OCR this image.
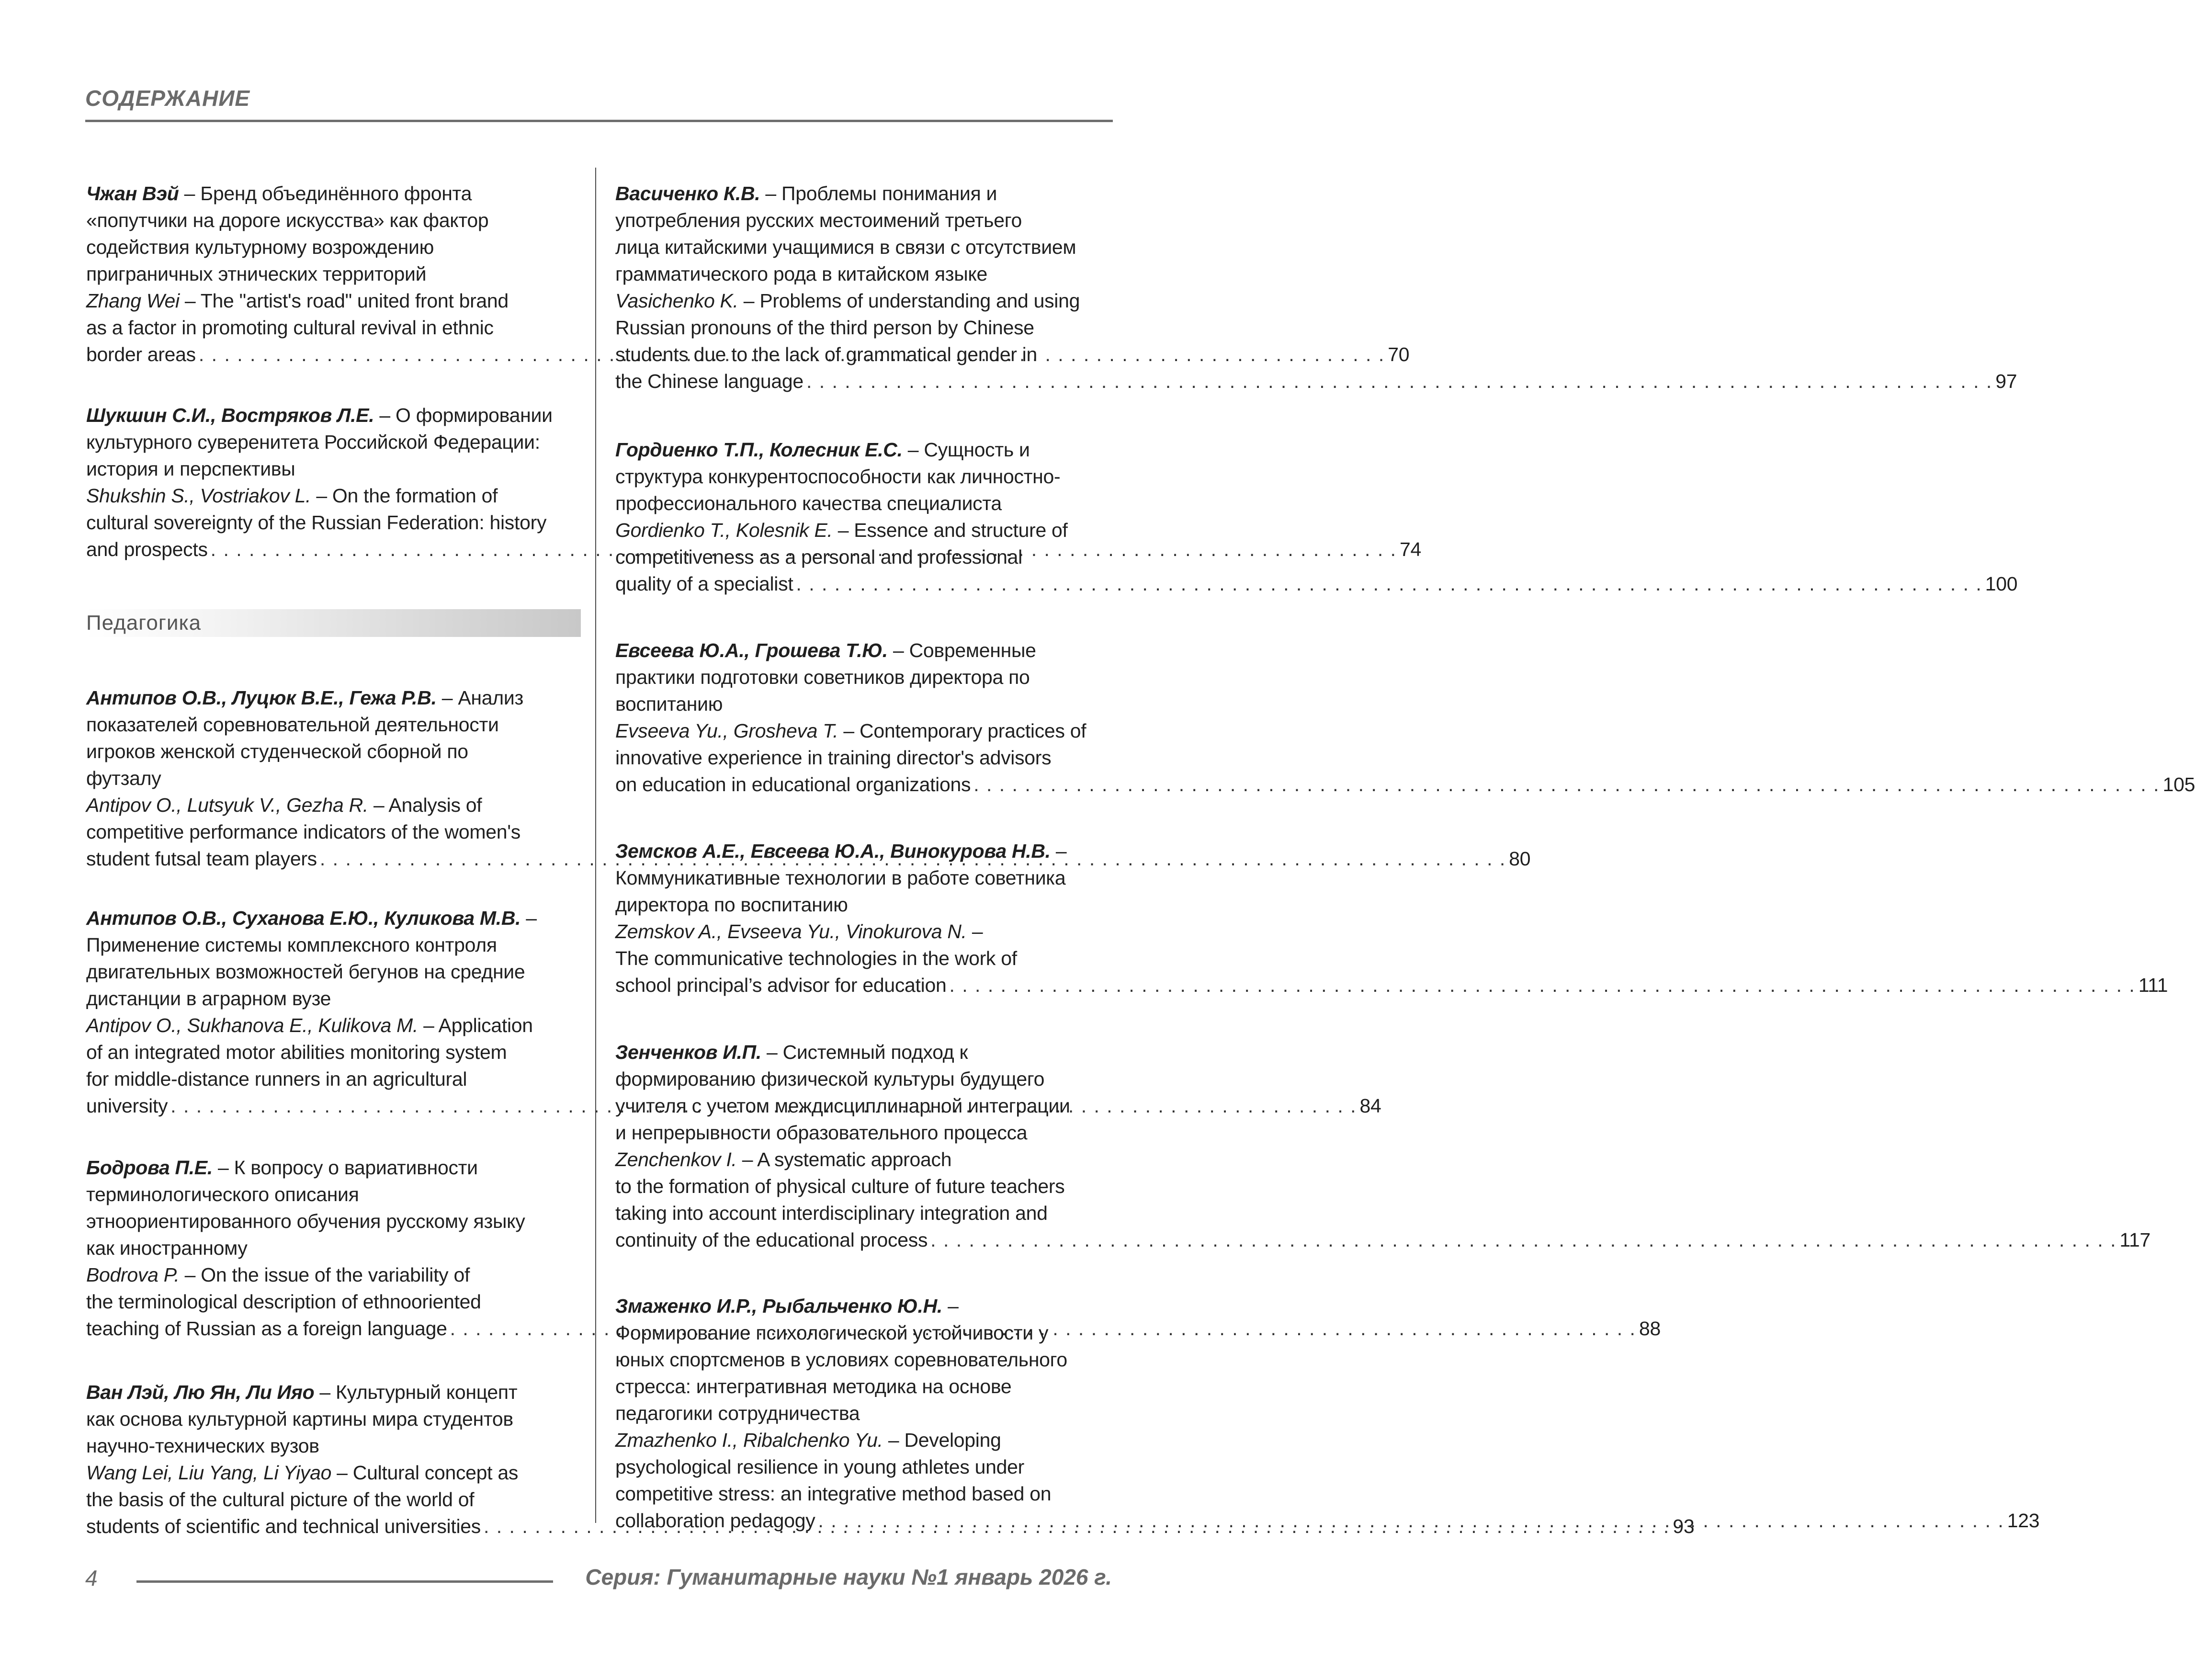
СОДЕРЖАНИЕ
Педагогика
Чжан Вэй – Бренд объединённого фронта
«попутчики на дороге искусства» как фактор
содействия культурному возрождению
приграничных этнических территорий
Zhang Wei – The "artist's road" united front brand
as a factor in promoting cultural revival in ethnic
border areas . . .	70
Шукшин С.И., Востряков Л.Е. – О формировании
культурного суверенитета Российской Федерации:
история и перспективы
Shukshin S., Vostriakov L. – On the formation of
cultural sovereignty of the Russian Federation: history
and prospects . . .	74
Антипов О.В., Луцюк В.Е., Гежа Р.В. – Анализ
показателей соревновательной деятельности
игроков женской студенческой сборной по
футзалу
Antipov O., Lutsyuk V., Gezha R. – Analysis of
competitive performance indicators of the women's
student futsal team players . . .	80
Антипов О.В., Суханова Е.Ю., Куликова М.В. –
Применение системы комплексного контроля
двигательных возможностей бегунов на средние
дистанции в аграрном вузе
Antipov O., Sukhanova E., Kulikova M. – Application
of an integrated motor abilities monitoring system
for middle-distance runners in an agricultural
university . . .	84
Бодрова П.Е. – К вопросу о вариативности
терминологического описания
этноориентированного обучения русскому языку
как иностранному
Bodrova P. – On the issue of the variability of
the terminological description of ethnooriented
teaching of Russian as a foreign language . . .	88
Ван Лэй, Лю Ян, Ли Ияо – Культурный концепт
как основа культурной картины мира студентов
научно-технических вузов
Wang Lei, Liu Yang, Li Yiyao – Cultural concept as
the basis of the cultural picture of the world of
students of scientific and technical universities . . .	93
Васиченко К.В. – Проблемы понимания и
употребления русских местоимений третьего
лица китайскими учащимися в связи с отсутствием
грамматического рода в китайском языке
Vasichenko K. – Problems of understanding and using
Russian pronouns of the third person by Chinese
students due to the lack of grammatical gender in
the Chinese language . . .	97
Гордиенко Т.П., Колесник Е.С. – Сущность и
структура конкурентоспособности как личностно-
профессионального качества специалиста
Gordienko T., Kolesnik E. – Essence and structure of
competitiveness as a personal and professional
quality of a specialist . . .	100
Евсеева Ю.А., Грошева Т.Ю. – Современные
практики подготовки советников директора по
воспитанию
Evseeva Yu., Grosheva T. – Contemporary practices of
innovative experience in training director's advisors
on education in educational organizations . . .	105
Земсков А.Е., Евсеева Ю.А., Винокурова Н.В. –
Коммуникативные технологии в работе советника
директора по воспитанию
Zemskov A., Evseeva Yu., Vinokurova N. –
The communicative technologies in the work of
school principal’s advisor for education . . .	111
Зенченков И.П. – Системный подход к
формированию физической культуры будущего
учителя с учетом междисциплинарной интеграции
и непрерывности образовательного процесса
Zenchenkov I. – A systematic approach
to the formation of physical culture of future teachers
taking into account interdisciplinary integration and
continuity of the educational process . . .	117
Змаженко И.Р., Рыбальченко Ю.Н. –
Формирование психологической устойчивости у
юных спортсменов в условиях соревновательного
стресса: интегративная методика на основе
педагогики сотрудничества
Zmazhenko I., Ribalchenko Yu. – Developing
psychological resilience in young athletes under
competitive stress: an integrative method based on
collaboration pedagogy . . .	123
4	Серия: Гуманитарные науки №1 январь 2026 г.
